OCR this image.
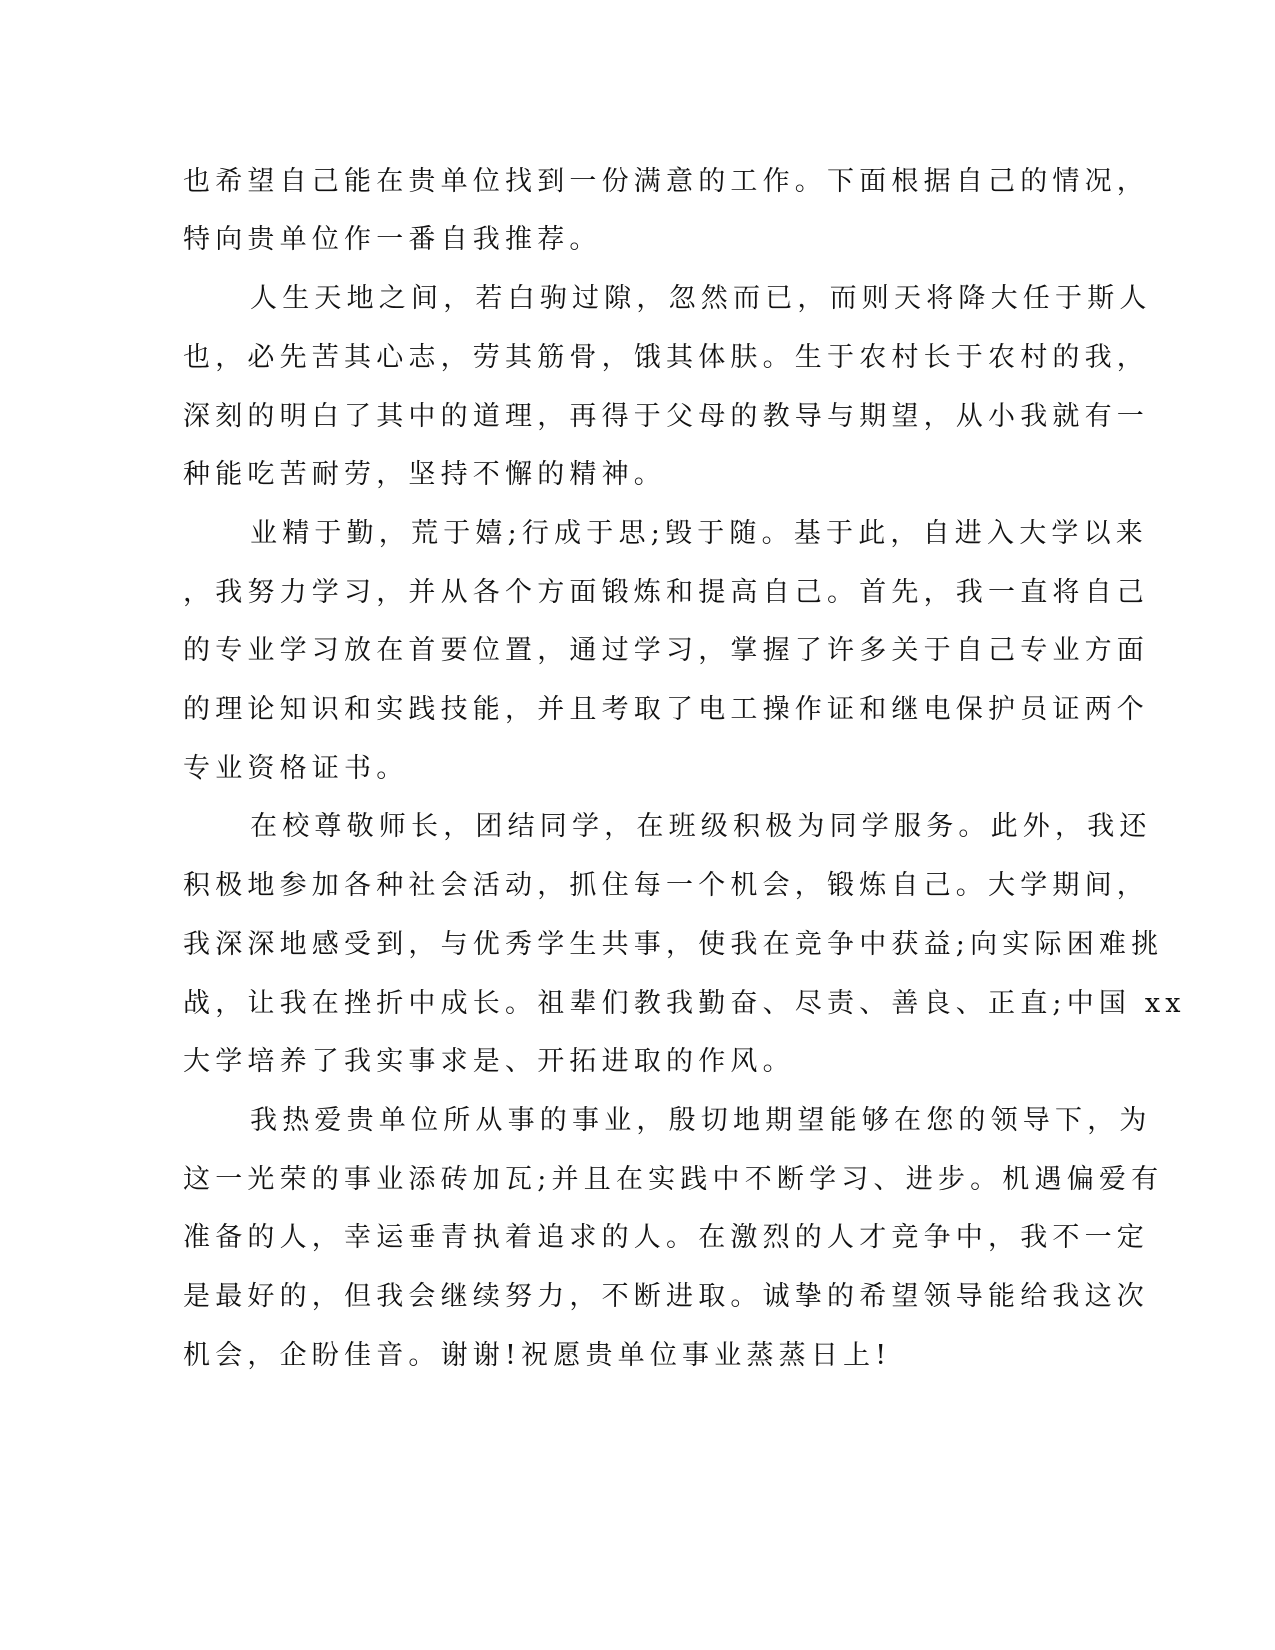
也希望自己能在贵单位找到一份满意的工作。下面根据自己的情况，

特向贵单位作一番自我推荐。

人生天地之间，若白驹过隙，忽然而已，而则天将降大任于斯人

也，必先苦其心志，劳其筋骨，饿其体肤。生于农村长于农村的我，

深刻的明白了其中的道理，再得于父母的教导与期望，从小我就有一

种能吃苦耐劳，坚持不懈的精神。

业精于勤，荒于嬉;行成于思;毁于随。基于此，自进入大学以来

，我努力学习，并从各个方面锻炼和提高自己。首先，我一直将自己

的专业学习放在首要位置，通过学习，掌握了许多关于自己专业方面

的理论知识和实践技能，并且考取了电工操作证和继电保护员证两个

专业资格证书。

在校尊敬师长，团结同学，在班级积极为同学服务。此外，我还

积极地参加各种社会活动，抓住每一个机会，锻炼自己。大学期间，

我深深地感受到，与优秀学生共事，使我在竞争中获益;向实际困难挑

战，让我在挫折中成长。祖辈们教我勤奋、尽责、善良、正直;中国 xx

大学培养了我实事求是、开拓进取的作风。

我热爱贵单位所从事的事业，殷切地期望能够在您的领导下，为

这一光荣的事业添砖加瓦;并且在实践中不断学习、进步。机遇偏爱有

准备的人，幸运垂青执着追求的人。在激烈的人才竞争中，我不一定

是最好的，但我会继续努力，不断进取。诚挚的希望领导能给我这次

机会，企盼佳音。谢谢!祝愿贵单位事业蒸蒸日上!
